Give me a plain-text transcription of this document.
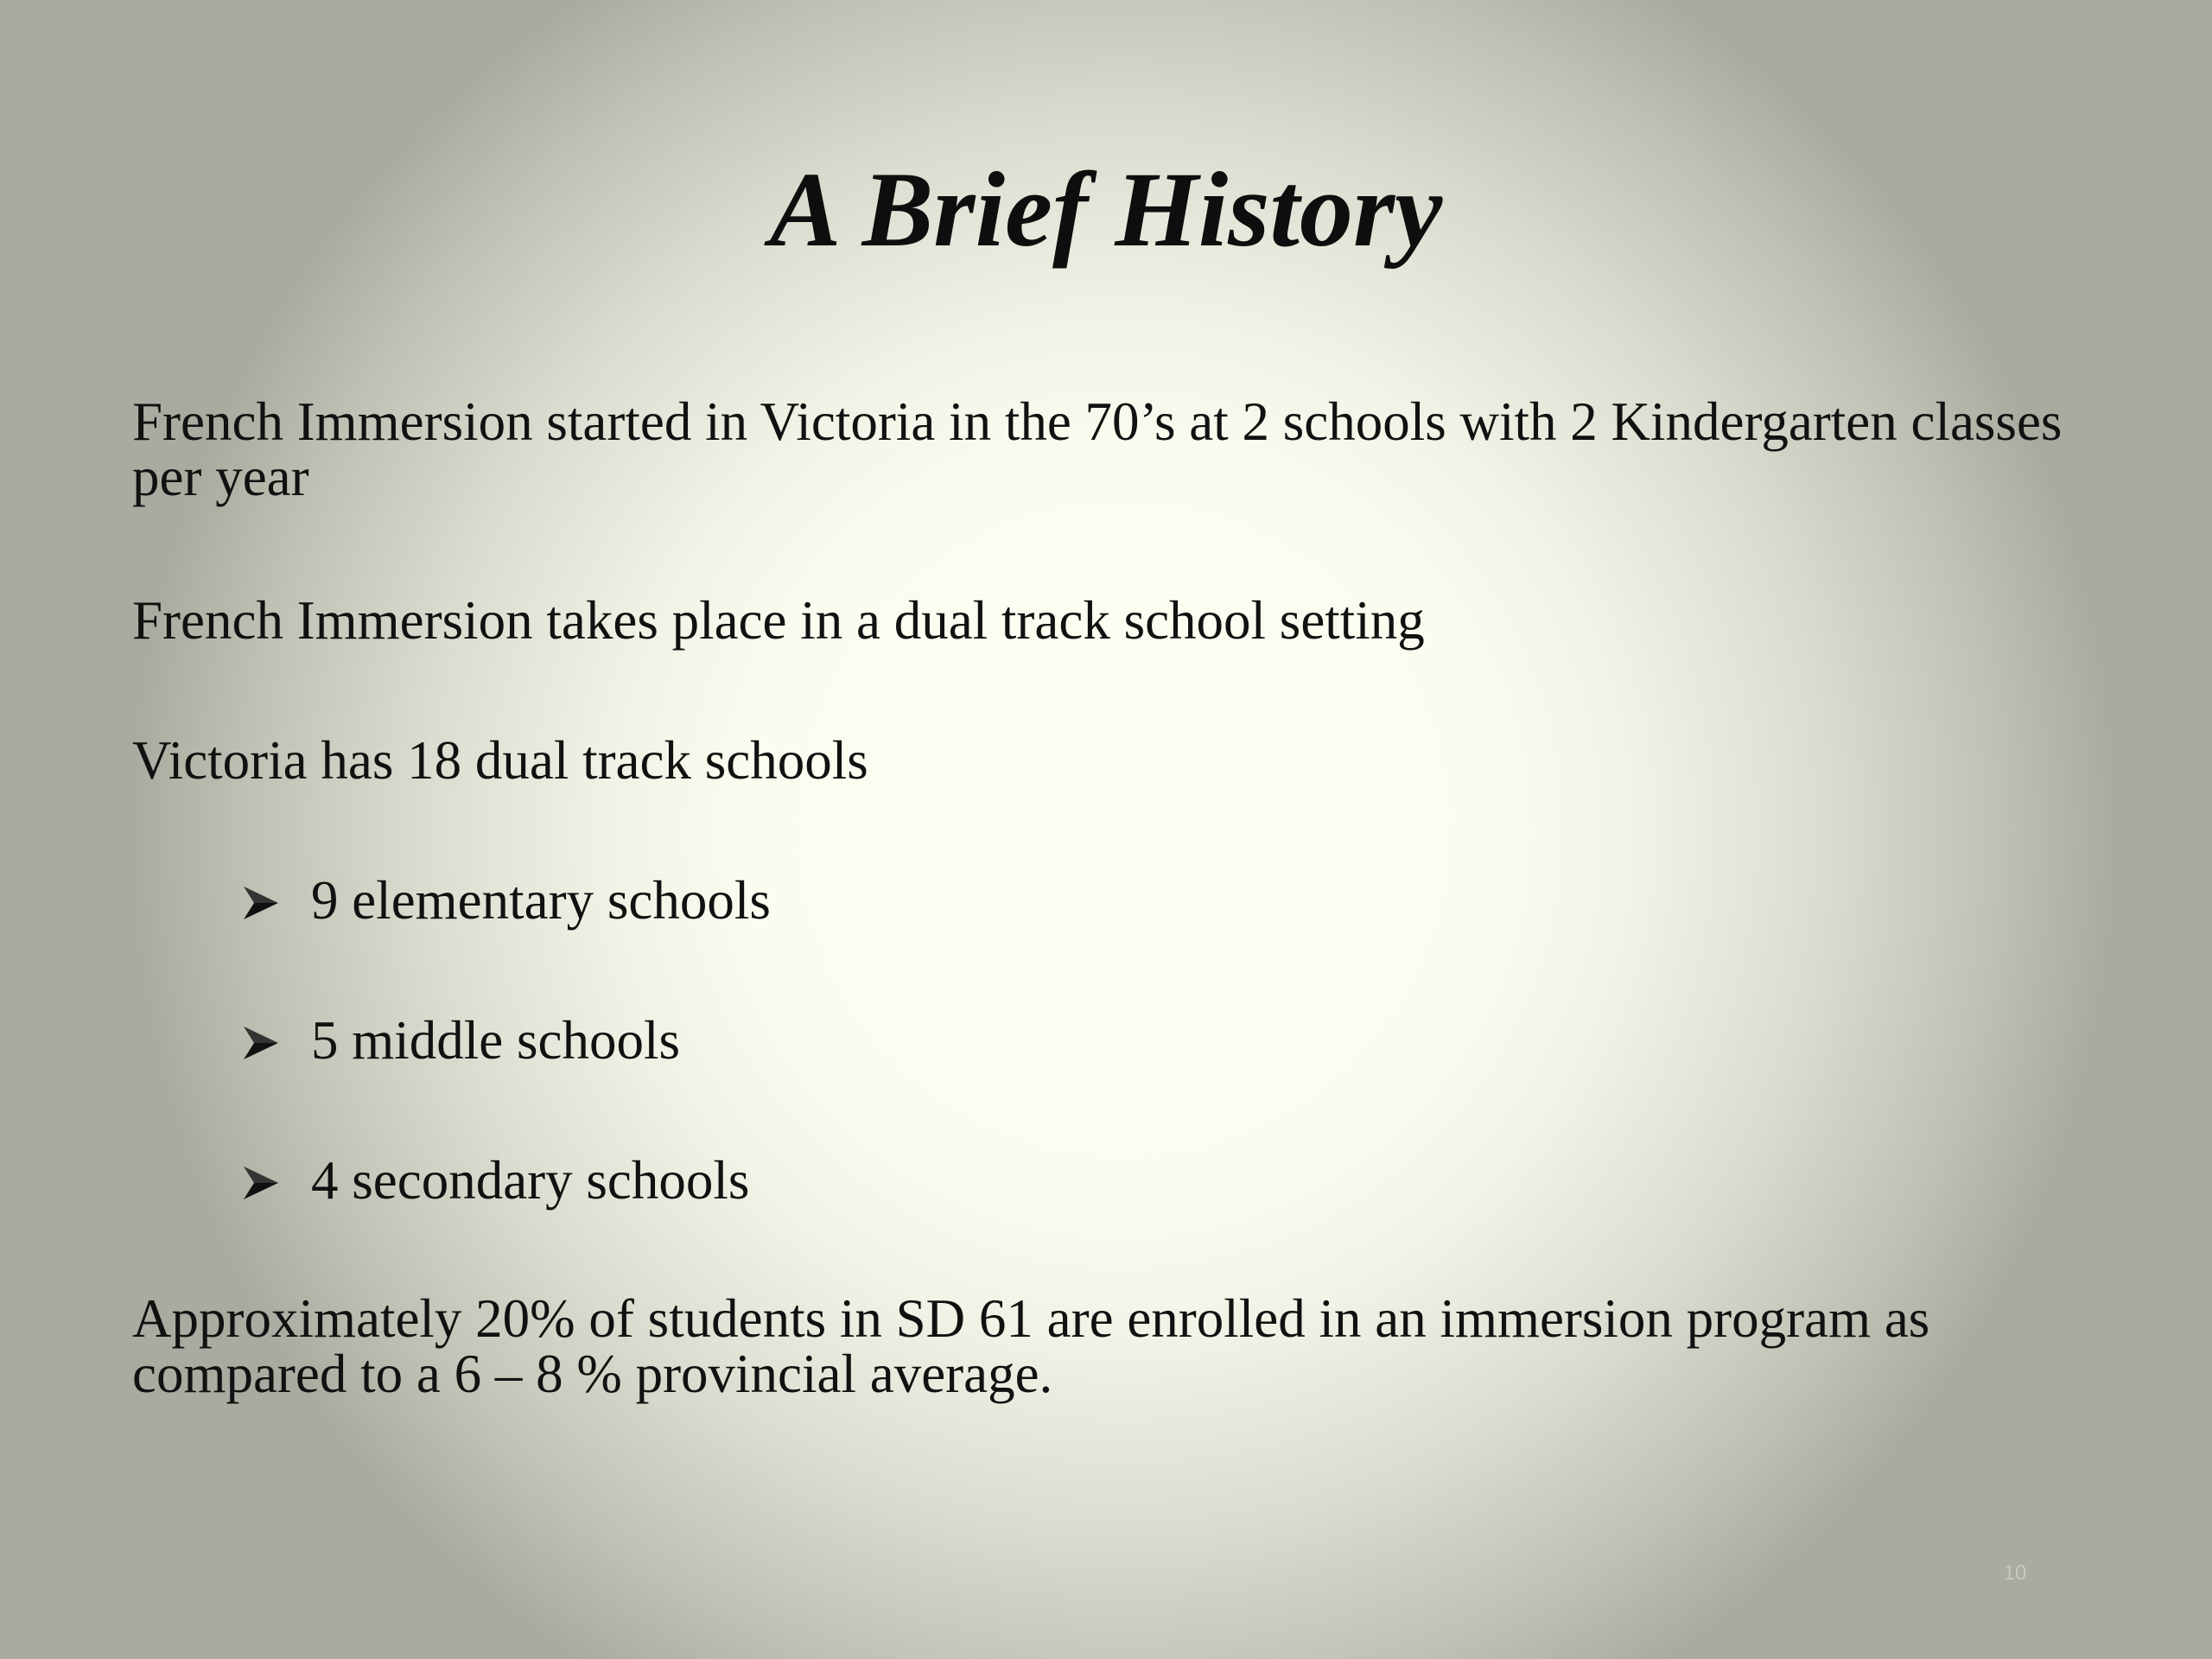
A Brief History

French Immersion started in Victoria in the 70’s at 2 schools with 2 Kindergarten classes per year

French Immersion takes place in a dual track school setting

Victoria has 18 dual track schools

9 elementary schools
5 middle schools
4 secondary schools

Approximately 20% of students in SD 61 are enrolled in an immersion program as compared to a 6 – 8 % provincial average.

10
